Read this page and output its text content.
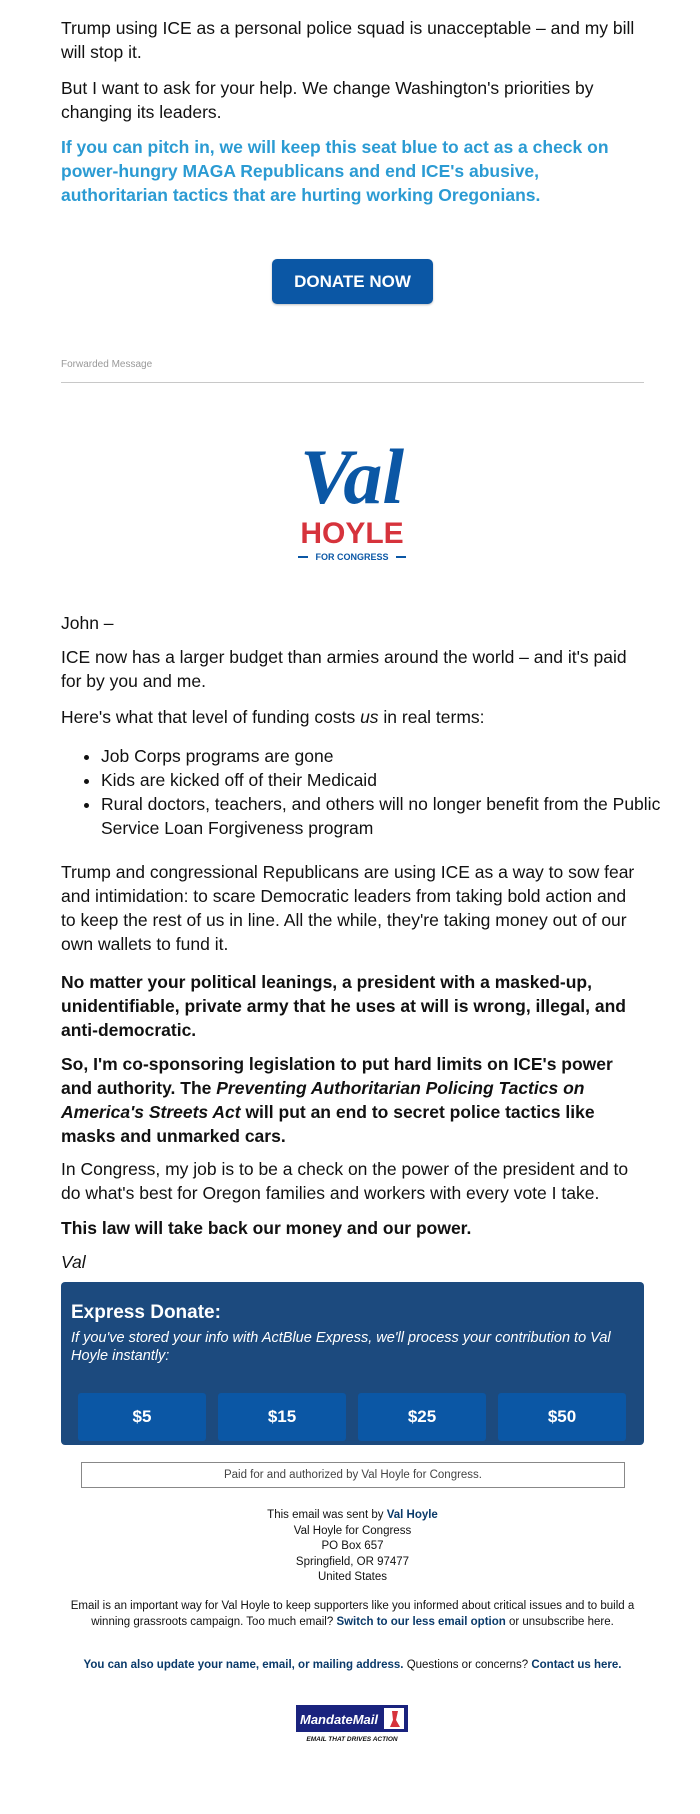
Trump using ICE as a personal police squad is unacceptable – and my bill will stop it.
But I want to ask for your help. We change Washington's priorities by changing its leaders.
If you can pitch in, we will keep this seat blue to act as a check on power-hungry MAGA Republicans and end ICE's abusive, authoritarian tactics that are hurting working Oregonians.
DONATE NOW
Forwarded Message
Val
HOYLE
FOR CONGRESS
John –
ICE now has a larger budget than armies around the world – and it's paid for by you and me.
Here's what that level of funding costs us in real terms:
• Job Corps programs are gone
• Kids are kicked off of their Medicaid
• Rural doctors, teachers, and others will no longer benefit from the Public Service Loan Forgiveness program
Trump and congressional Republicans are using ICE as a way to sow fear and intimidation: to scare Democratic leaders from taking bold action and to keep the rest of us in line. All the while, they're taking money out of our own wallets to fund it.
No matter your political leanings, a president with a masked-up, unidentifiable, private army that he uses at will is wrong, illegal, and anti-democratic.
So, I'm co-sponsoring legislation to put hard limits on ICE's power and authority. The Preventing Authoritarian Policing Tactics on America's Streets Act will put an end to secret police tactics like masks and unmarked cars.
In Congress, my job is to be a check on the power of the president and to do what's best for Oregon families and workers with every vote I take.
This law will take back our money and our power.
Val
Express Donate:
If you've stored your info with ActBlue Express, we'll process your contribution to Val Hoyle instantly:
$5	$15	$25	$50
Paid for and authorized by Val Hoyle for Congress.
This email was sent by Val Hoyle
Val Hoyle for Congress
PO Box 657
Springfield, OR 97477
United States
Email is an important way for Val Hoyle to keep supporters like you informed about critical issues and to build a winning grassroots campaign. Too much email? Switch to our less email option or unsubscribe here.
You can also update your name, email, or mailing address. Questions or concerns? Contact us here.
MandateMail
EMAIL THAT DRIVES ACTION
